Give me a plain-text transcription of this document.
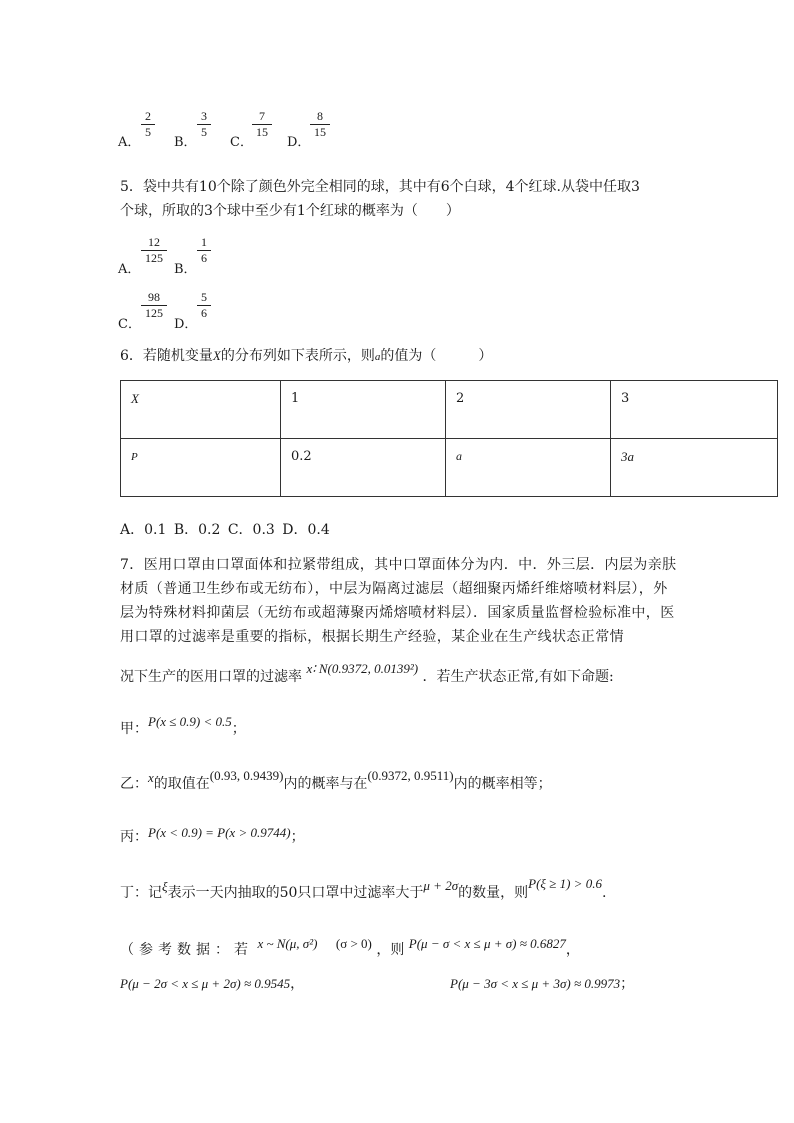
A．
$\frac{2}{5}$
B．
$\frac{3}{5}$
C．
$\frac{7}{15}$
D．
$\frac{8}{15}$
5．袋中共有10个除了颜色外完全相同的球，其中有6个白球，4个红球.从袋中任取3
个球，所取的3个球中至少有1个红球的概率为（　　）
A．
$\frac{12}{125}$
B．
$\frac{1}{6}$
C．
$\frac{98}{125}$
D．
$\frac{5}{6}$
6．若随机变量X的分布列如下表所示，则a的值为（　　　）
X	1	2	3
P	0.2	a	3a
A．0.1 B．0.2 C．0.3 D．0.4
7．医用口罩由口罩面体和拉紧带组成，其中口罩面体分为内．中．外三层．内层为亲肤材质（普通卫生纱布或无纺布），中层为隔离过滤层（超细聚丙烯纤维熔喷材料层），外层为特殊材料抑菌层（无纺布或超薄聚丙烯熔喷材料层）．国家质量监督检验标准中，医用口罩的过滤率是重要的指标，根据长期生产经验，某企业在生产线状态正常情
况下生产的医用口罩的过滤率 x∶ N(0.9372, 0.0139²) ．若生产状态正常,有如下命题:
甲：P(x ≤ 0.9) < 0.5；
乙：x的取值在(0.93, 0.9439)内的概率与在(0.9372, 0.9511)内的概率相等；
丙：P(x < 0.9) = P(x > 0.9744)；
丁：记ξ表示一天内抽取的50只口罩中过滤率大于μ + 2σ的数量，则P(ξ ≥ 1) > 0.6.
（参考数据：若 x ~ N(μ, σ²) (σ > 0) ，则 P(μ − σ < x ≤ μ + σ) ≈ 0.6827，
P(μ − 2σ < x ≤ μ + 2σ) ≈ 0.9545，	P(μ − 3σ < x ≤ μ + 3σ) ≈ 0.9973；
